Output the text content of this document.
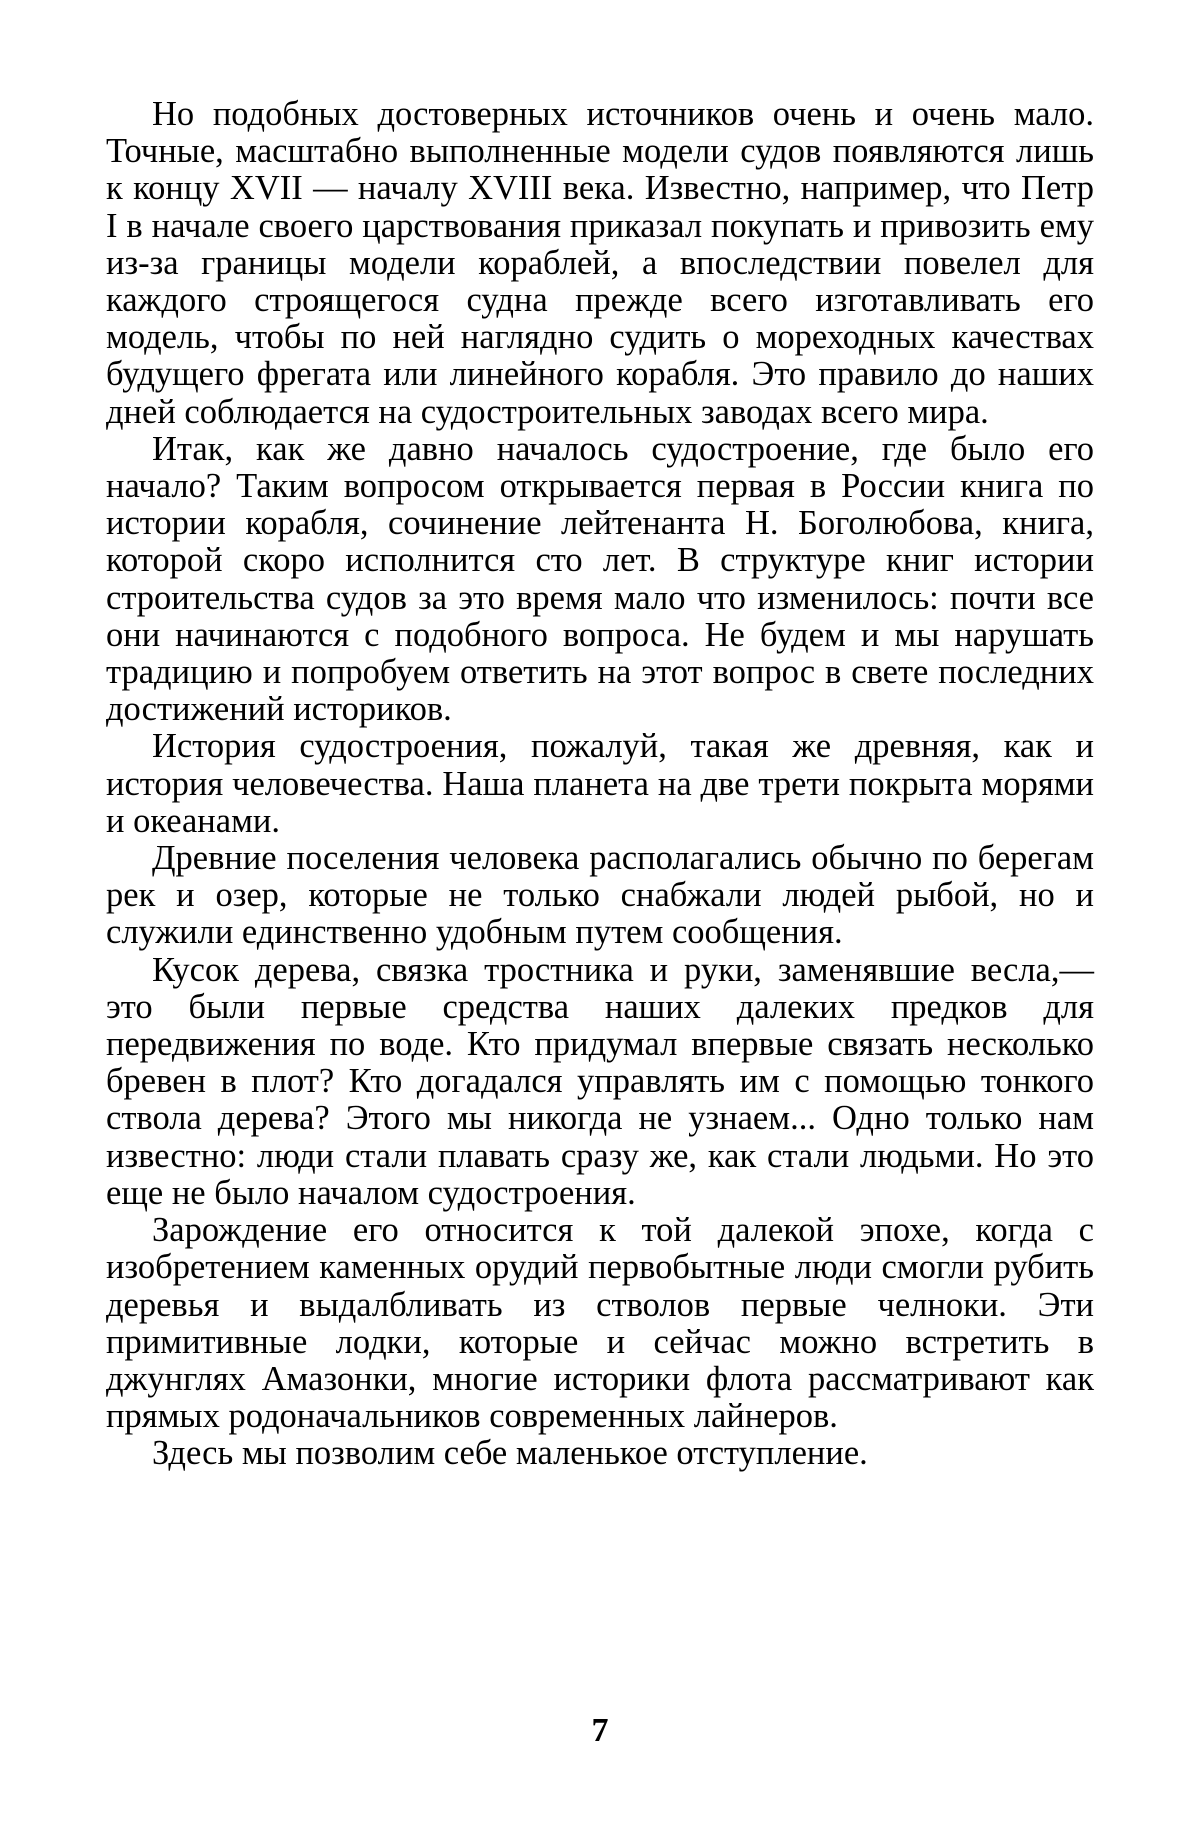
Но подобных достоверных источников очень и очень мало. Точные, масштабно выполненные модели судов появляются лишь к концу XVII — началу XVIII века. Известно, например, что Петр I в начале своего царствования приказал покупать и привозить ему из-за границы модели кораблей, а впоследствии повелел для каждого строящегося судна прежде всего изготавливать его модель, чтобы по ней наглядно судить о мореходных качествах будущего фрегата или линейного корабля. Это правило до наших дней соблюдается на судостроительных заводах всего мира.

Итак, как же давно началось судостроение, где было его начало? Таким вопросом открывается первая в России книга по истории корабля, сочинение лейтенанта Н. Боголюбова, книга, которой скоро исполнится сто лет. В структуре книг истории строительства судов за это время мало что изменилось: почти все они начинаются с подобного вопроса. Не будем и мы нарушать традицию и попробуем ответить на этот вопрос в свете последних достижений историков.

История судостроения, пожалуй, такая же древняя, как и история человечества. Наша планета на две трети покрыта морями и океанами.

Древние поселения человека располагались обычно по берегам рек и озер, которые не только снабжали людей рыбой, но и служили единственно удобным путем сообщения.

Кусок дерева, связка тростника и руки, заменявшие весла,— это были первые средства наших далеких предков для передвижения по воде. Кто придумал впервые связать несколько бревен в плот? Кто догадался управлять им с помощью тонкого ствола дерева? Этого мы никогда не узнаем... Одно только нам известно: люди стали плавать сразу же, как стали людьми. Но это еще не было началом судостроения.

Зарождение его относится к той далекой эпохе, когда с изобретением каменных орудий первобытные люди смогли рубить деревья и выдалбливать из стволов первые челноки. Эти примитивные лодки, которые и сейчас можно встретить в джунглях Амазонки, многие историки флота рассматривают как прямых родоначальников современных лайнеров.

Здесь мы позволим себе маленькое отступление.

7
